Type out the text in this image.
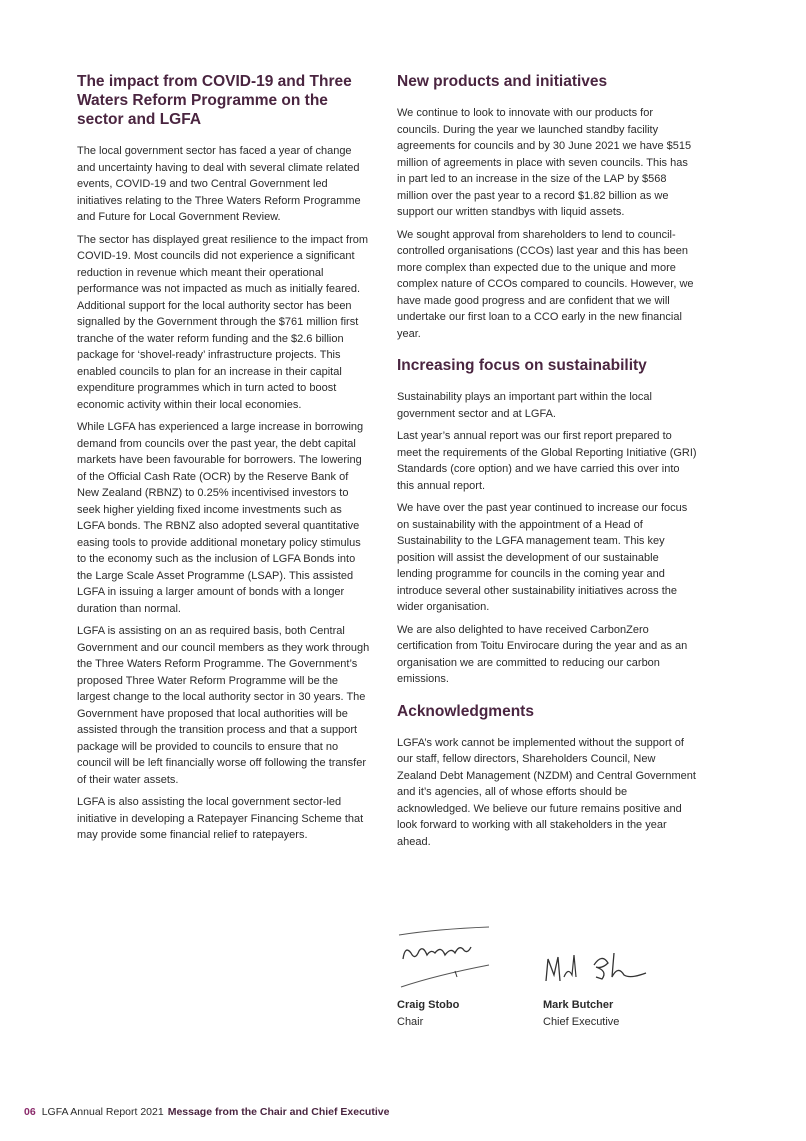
The impact from COVID-19 and Three Waters Reform Programme on the sector and LGFA

The local government sector has faced a year of change and uncertainty having to deal with several climate related events, COVID-19 and two Central Government led initiatives relating to the Three Waters Reform Programme and Future for Local Government Review.

The sector has displayed great resilience to the impact from COVID-19. Most councils did not experience a significant reduction in revenue which meant their operational performance was not impacted as much as initially feared. Additional support for the local authority sector has been signalled by the Government through the $761 million first tranche of the water reform funding and the $2.6 billion package for ‘shovel-ready’ infrastructure projects. This enabled councils to plan for an increase in their capital expenditure programmes which in turn acted to boost economic activity within their local economies.

While LGFA has experienced a large increase in borrowing demand from councils over the past year, the debt capital markets have been favourable for borrowers. The lowering of the Official Cash Rate (OCR) by the Reserve Bank of New Zealand (RBNZ) to 0.25% incentivised investors to seek higher yielding fixed income investments such as LGFA bonds. The RBNZ also adopted several quantitative easing tools to provide additional monetary policy stimulus to the economy such as the inclusion of LGFA Bonds into the Large Scale Asset Programme (LSAP). This assisted LGFA in issuing a larger amount of bonds with a longer duration than normal.

LGFA is assisting on an as required basis, both Central Government and our council members as they work through the Three Waters Reform Programme. The Government’s proposed Three Water Reform Programme will be the largest change to the local authority sector in 30 years. The Government have proposed that local authorities will be assisted through the transition process and that a support package will be provided to councils to ensure that no council will be left financially worse off following the transfer of their water assets.

LGFA is also assisting the local government sector-led initiative in developing a Ratepayer Financing Scheme that may provide some financial relief to ratepayers.

New products and initiatives

We continue to look to innovate with our products for councils. During the year we launched standby facility agreements for councils and by 30 June 2021 we have $515 million of agreements in place with seven councils. This has in part led to an increase in the size of the LAP by $568 million over the past year to a record $1.82 billion as we support our written standbys with liquid assets.

We sought approval from shareholders to lend to council-controlled organisations (CCOs) last year and this has been more complex than expected due to the unique and more complex nature of CCOs compared to councils. However, we have made good progress and are confident that we will undertake our first loan to a CCO early in the new financial year.

Increasing focus on sustainability

Sustainability plays an important part within the local government sector and at LGFA.

Last year’s annual report was our first report prepared to meet the requirements of the Global Reporting Initiative (GRI) Standards (core option) and we have carried this over into this annual report.

We have over the past year continued to increase our focus on sustainability with the appointment of a Head of Sustainability to the LGFA management team. This key position will assist the development of our sustainable lending programme for councils in the coming year and introduce several other sustainability initiatives across the wider organisation.

We are also delighted to have received CarbonZero certification from Toitu Envirocare during the year and as an organisation we are committed to reducing our carbon emissions.

Acknowledgments

LGFA’s work cannot be implemented without the support of our staff, fellow directors, Shareholders Council, New Zealand Debt Management (NZDM) and Central Government and it’s agencies, all of whose efforts should be acknowledged. We believe our future remains positive and look forward to working with all stakeholders in the year ahead.

Craig Stobo
Chair
Mark Butcher
Chief Executive
06 LGFA Annual Report 2021 Message from the Chair and Chief Executive
